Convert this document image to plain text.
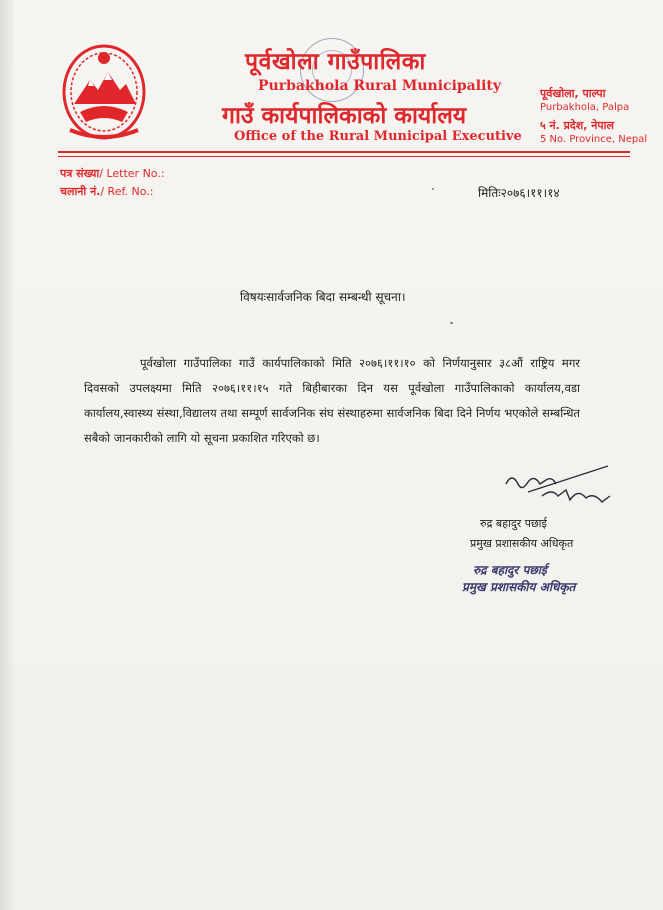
पूर्वखोला गाउँपालिका
Purbakhola Rural Municipality
गाउँ कार्यपालिकाको कार्यालय
Office of the Rural Municipal Executive
पूर्वखोला, पाल्पा
Purbakhola, Palpa
५ नं. प्रदेश, नेपाल
5 No. Province, Nepal
पत्र संख्या/ Letter No.:
चलानी नं./ Ref. No.:	मितिः२०७६।११।१४
विषयःसार्वजनिक बिदा सम्बन्धी सूचना।
पूर्वखोला गाउँपालिका गाउँ कार्यपालिकाको मिति २०७६।११।१० को निर्णयानुसार ३८औं राष्ट्रिय मगर दिवसको उपलक्ष्यमा मिति २०७६।११।१५ गते बिहीबारका दिन यस पूर्वखोला गाउँपालिकाको कार्यालय,वडा कार्यालय,स्वास्थ्य संस्था,विद्यालय तथा सम्पूर्ण सार्वजनिक संघ संस्थाहरुमा सार्वजनिक बिदा दिने निर्णय भएकोले सम्बन्धित सबैको जानकारीको लागि यो सूचना प्रकाशित गरिएको छ।
रुद्र बहादुर पछाई
प्रमुख प्रशासकीय अधिकृत
रुद्र बहादुर पछाई
प्रमुख प्रशासकीय अधिकृत
